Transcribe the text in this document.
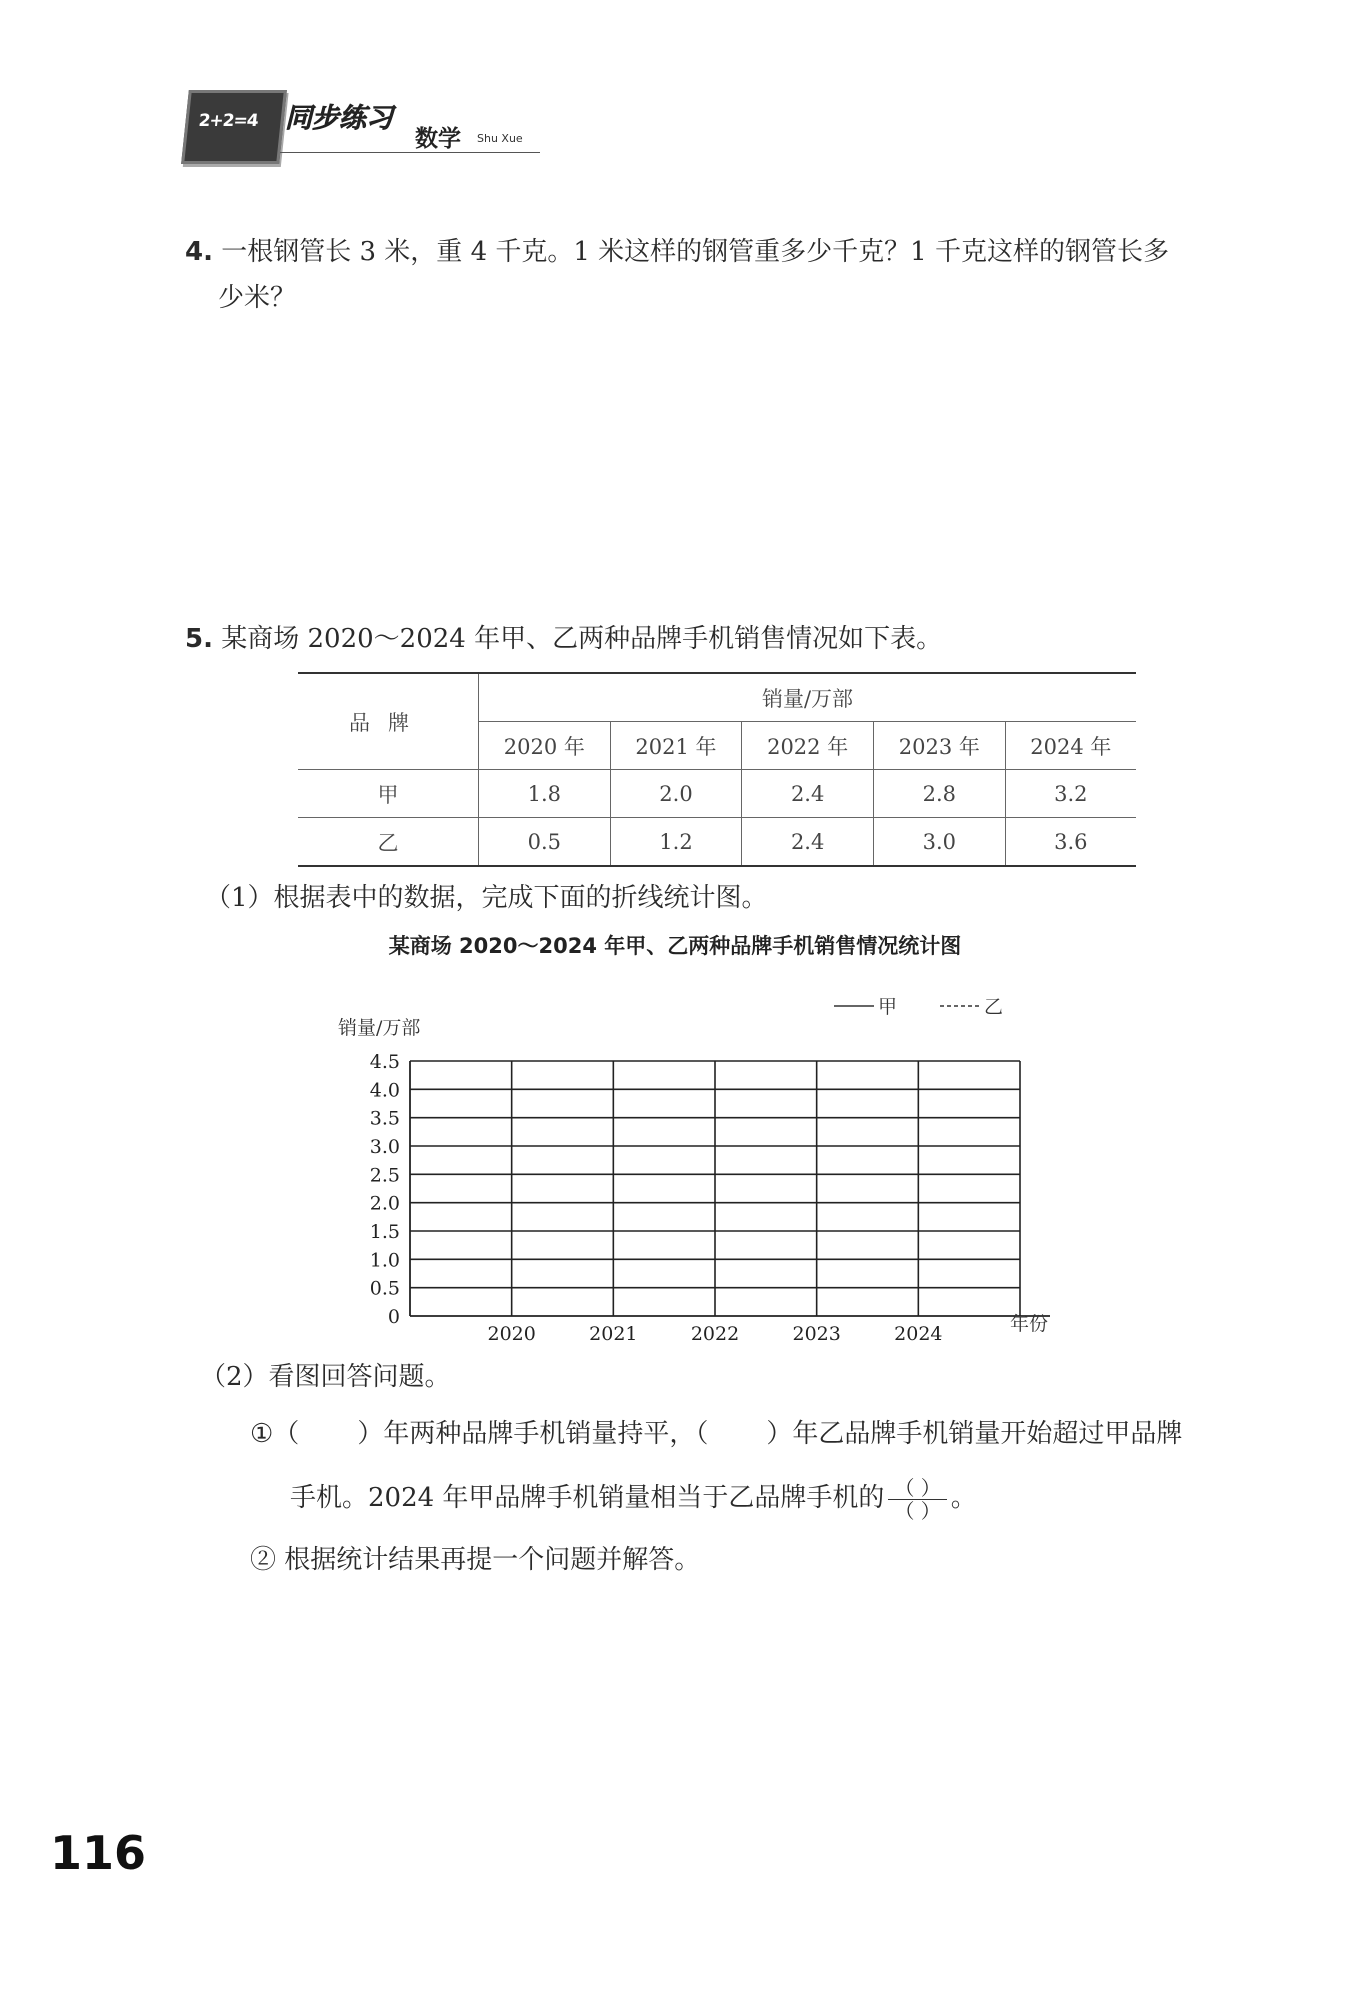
2+2=4 同步练习
数学 Shu Xue
4. 一根钢管长 3 米，重 4 千克。1 米这样的钢管重多少千克？1 千克这样的钢管长多
少米？
5. 某商场 2020～2024 年甲、乙两种品牌手机销售情况如下表。
品牌	销量/万部				
	2020 年	2021 年	2022 年	2023 年	2024 年
甲	1.8	2.0	2.4	2.8	3.2
乙	0.5	1.2	2.4	3.0	3.6
（1）根据表中的数据，完成下面的折线统计图。
某商场 2020～2024 年甲、乙两种品牌手机销售情况统计图
0
0.5
1.0
1.5
2.0
2.5
3.0
3.5
4.0
4.5
2020	2021	2022	2023	2024
销量/万部
年份
甲	乙
（2）看图回答问题。
①（ ）年两种品牌手机销量持平，（ ）年乙品牌手机销量开始超过甲品牌
手机。2024 年甲品牌手机销量相当于乙品牌手机的 $\frac{( )}{( )}$ 。
② 根据统计结果再提一个问题并解答。
116
